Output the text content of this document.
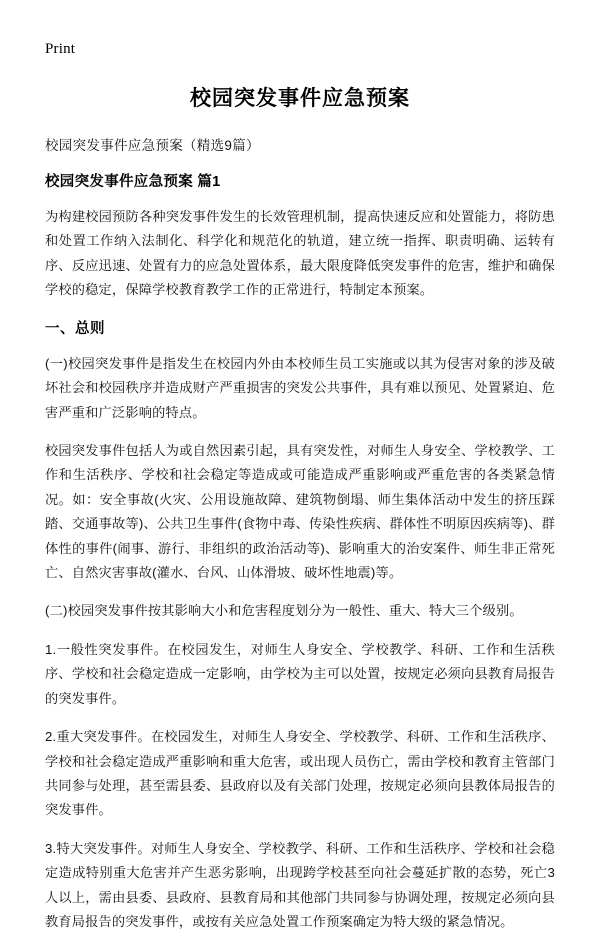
Print
校园突发事件应急预案
校园突发事件应急预案（精选9篇）
校园突发事件应急预案 篇1

为构建校园预防各种突发事件发生的长效管理机制，提高快速反应和处置能力，将防患和处置工作纳入法制化、科学化和规范化的轨道，建立统一指挥、职责明确、运转有序、反应迅速、处置有力的应急处置体系，最大限度降低突发事件的危害，维护和确保学校的稳定，保障学校教育教学工作的正常进行，特制定本预案。

一、总则

(一)校园突发事件是指发生在校园内外由本校师生员工实施或以其为侵害对象的涉及破坏社会和校园秩序并造成财产严重损害的突发公共事件，具有难以预见、处置紧迫、危害严重和广泛影响的特点。

校园突发事件包括人为或自然因素引起，具有突发性，对师生人身安全、学校教学、工作和生活秩序、学校和社会稳定等造成或可能造成严重影响或严重危害的各类紧急情况。如：安全事故(火灾、公用设施故障、建筑物倒塌、师生集体活动中发生的挤压踩踏、交通事故等)、公共卫生事件(食物中毒、传染性疾病、群体性不明原因疾病等)、群体性的事件(闹事、游行、非组织的政治活动等)、影响重大的治安案件、师生非正常死亡、自然灾害事故(灌水、台风、山体滑坡、破坏性地震)等。

(二)校园突发事件按其影响大小和危害程度划分为一般性、重大、特大三个级别。

1.一般性突发事件。在校园发生，对师生人身安全、学校教学、科研、工作和生活秩序、学校和社会稳定造成一定影响，由学校为主可以处置，按规定必须向县教育局报告的突发事件。

2.重大突发事件。在校园发生，对师生人身安全、学校教学、科研、工作和生活秩序、学校和社会稳定造成严重影响和重大危害，或出现人员伤亡，需由学校和教育主管部门共同参与处理，甚至需县委、县政府以及有关部门处理，按规定必须向县教体局报告的突发事件。

3.特大突发事件。对师生人身安全、学校教学、科研、工作和生活秩序、学校和社会稳定造成特别重大危害并产生恶劣影响，出现跨学校甚至向社会蔓延扩散的态势，死亡3人以上，需由县委、县政府、县教育局和其他部门共同参与协调处理，按规定必须向县教育局报告的突发事件，或按有关应急处置工作预案确定为特大级的紧急情况。
